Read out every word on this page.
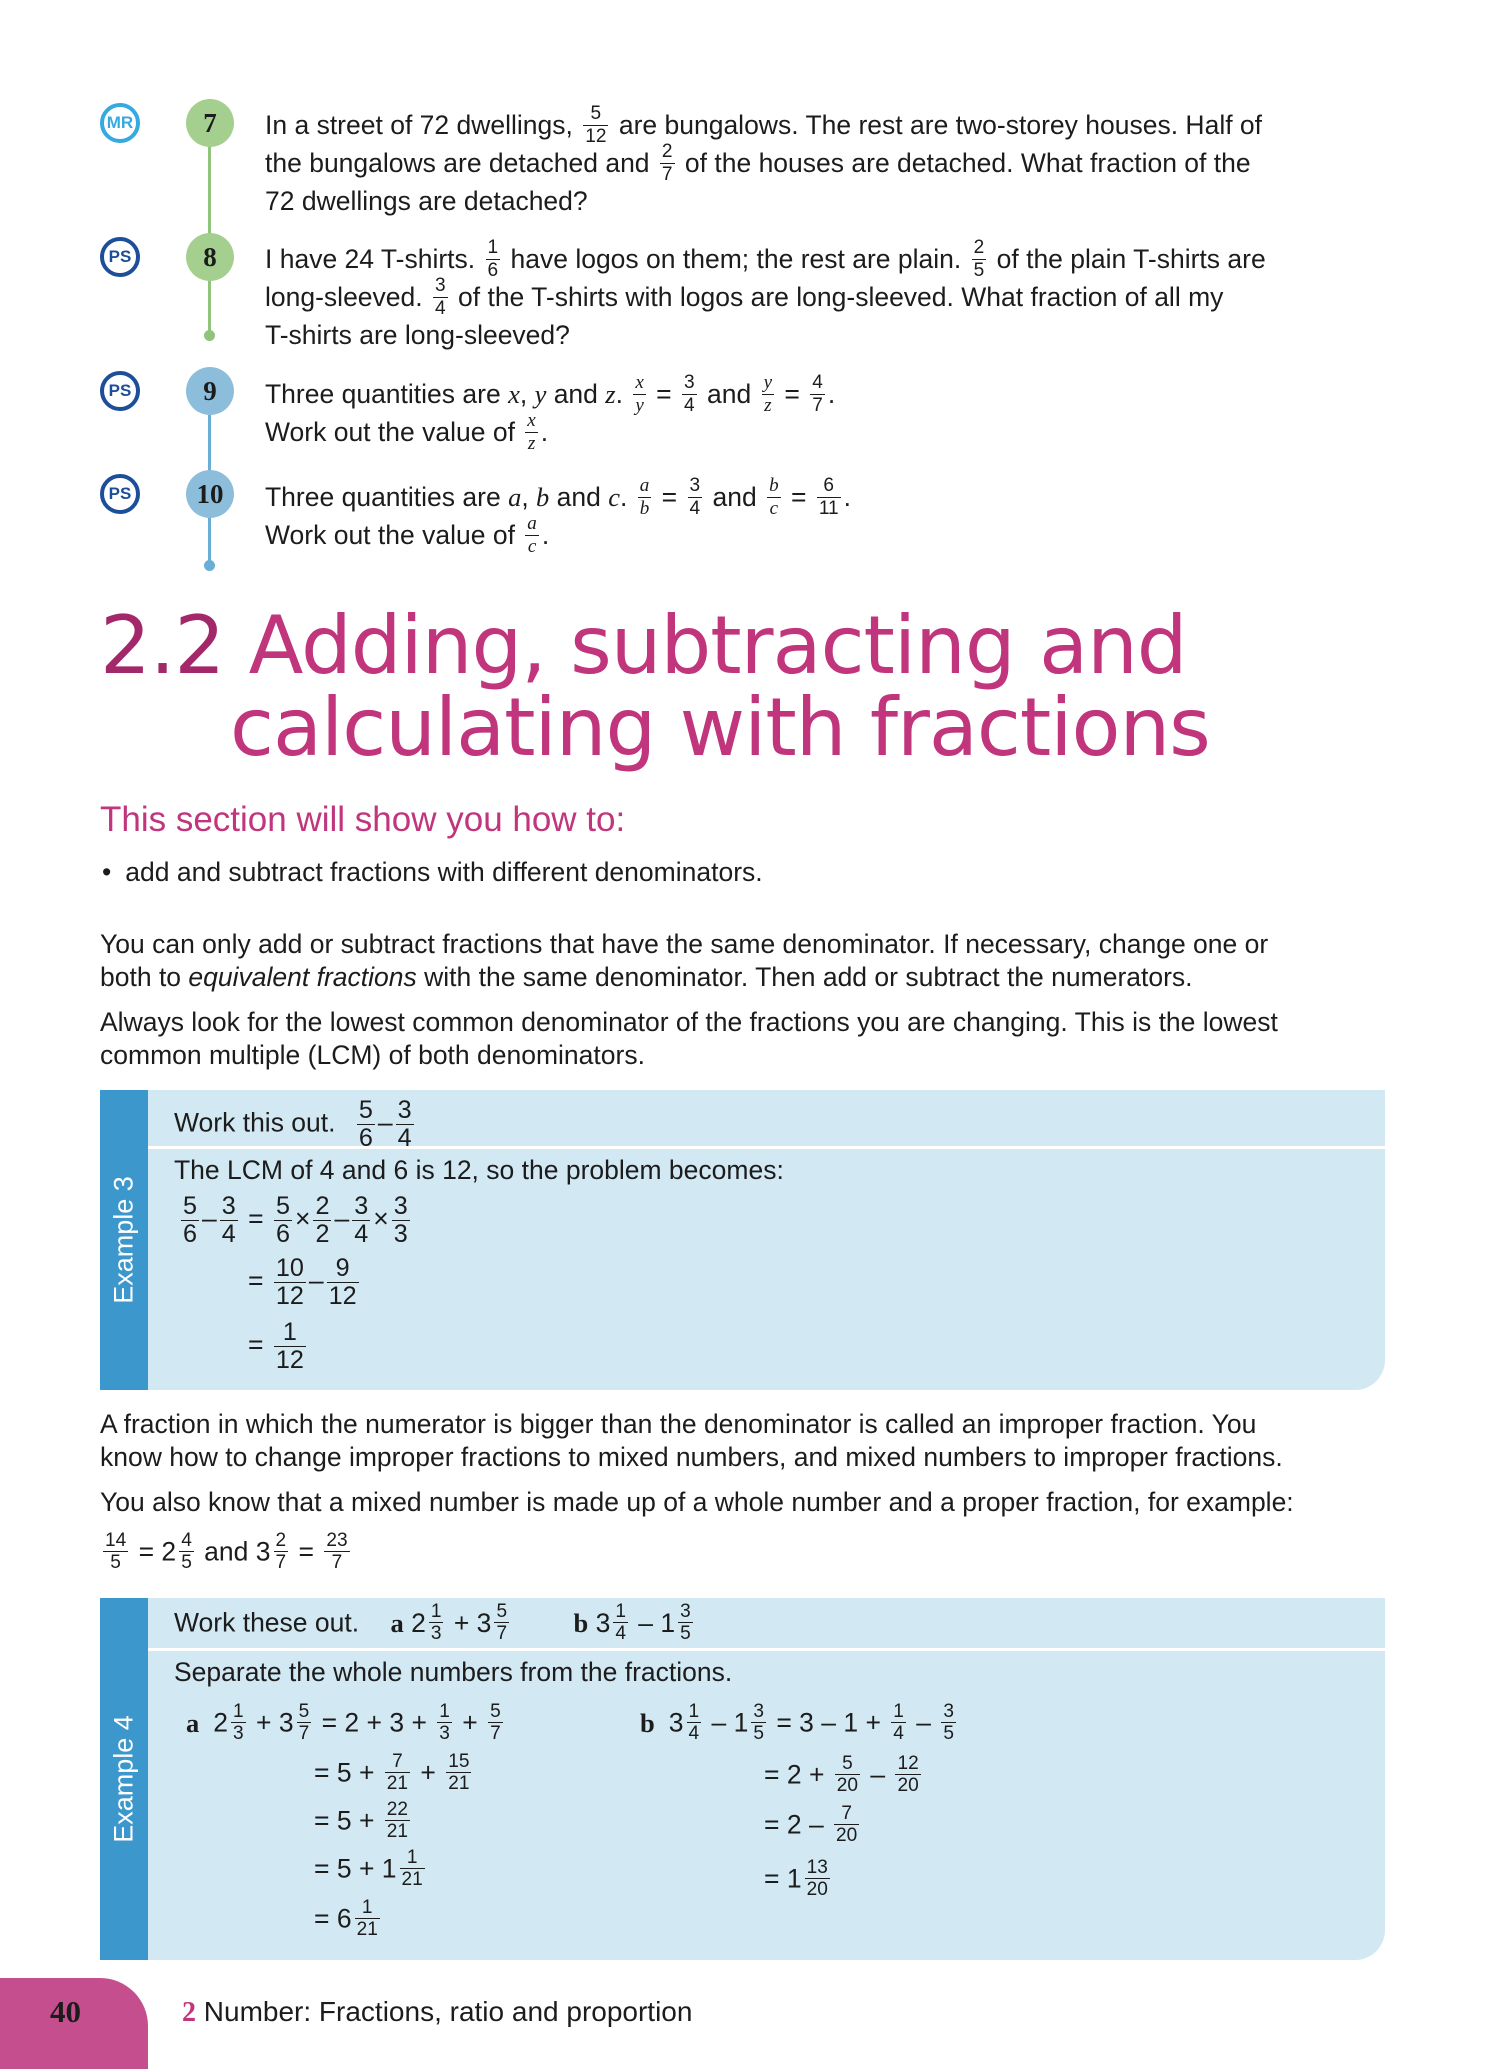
MR	7	In a street of 72 dwellings, $\frac{5}{12}$ are bungalows. The rest are two-storey houses. Half of
the bungalows are detached and $\frac{2}{7}$ of the houses are detached. What fraction of the
72 dwellings are detached?
PS	8	I have 24 T-shirts. $\frac{1}{6}$ have logos on them; the rest are plain. $\frac{2}{5}$ of the plain T-shirts are
long-sleeved. $\frac{3}{4}$ of the T-shirts with logos are long-sleeved. What fraction of all my
T-shirts are long-sleeved?
PS	9	Three quantities are x, y and z. $\frac{x}{y} = \frac{3}{4}$ and $\frac{y}{z} = \frac{4}{7}$ .
Work out the value of $\frac{x}{z}$ .
PS	10	Three quantities are a, b and c. $\frac{a}{b} = \frac{3}{4}$ and $\frac{b}{c} = \frac{6}{11}$ .
Work out the value of $\frac{a}{c}$ .
2.2 Adding, subtracting and
calculating with fractions
This section will show you how to:
• add and subtract fractions with different denominators.
You can only add or subtract fractions that have the same denominator. If necessary, change one or
both to equivalent fractions with the same denominator. Then add or subtract the numerators.
Always look for the lowest common denominator of the fractions you are changing. This is the lowest
common multiple (LCM) of both denominators.
Example 3
Work this out. $\frac{5}{6} - \frac{3}{4}$
The LCM of 4 and 6 is 12, so the problem becomes:
$\frac{5}{6} - \frac{3}{4} = \frac{5}{6} \times \frac{2}{2} - \frac{3}{4} \times \frac{3}{3}$
= $\frac{10}{12} - \frac{9}{12}$
= $\frac{1}{12}$
A fraction in which the numerator is bigger than the denominator is called an improper fraction. You
know how to change improper fractions to mixed numbers, and mixed numbers to improper fractions.
You also know that a mixed number is made up of a whole number and a proper fraction, for example:
$\frac{14}{5} = 2 \frac{4}{5}$ and $3 \frac{2}{7} = \frac{23}{7}$
Example 4
Work these out. a $2 \frac{1}{3} + 3 \frac{5}{7}$ b $3 \frac{1}{4} - 1 \frac{3}{5}$
Separate the whole numbers from the fractions.
a $2 \frac{1}{3} + 3 \frac{5}{7} = 2 + 3 + \frac{1}{3} + \frac{5}{7}$
= $5 + \frac{7}{21} + \frac{15}{21}$
= $5 + \frac{22}{21}$
= $5 + 1 \frac{1}{21}$
= $6 \frac{1}{21}$
b $3 \frac{1}{4} - 1 \frac{3}{5} = 3 - 1 + \frac{1}{4} - \frac{3}{5}$
= $2 + \frac{5}{20} - \frac{12}{20}$
= $2 - \frac{7}{20}$
= $1 \frac{13}{20}$
40	2 Number: Fractions, ratio and proportion
